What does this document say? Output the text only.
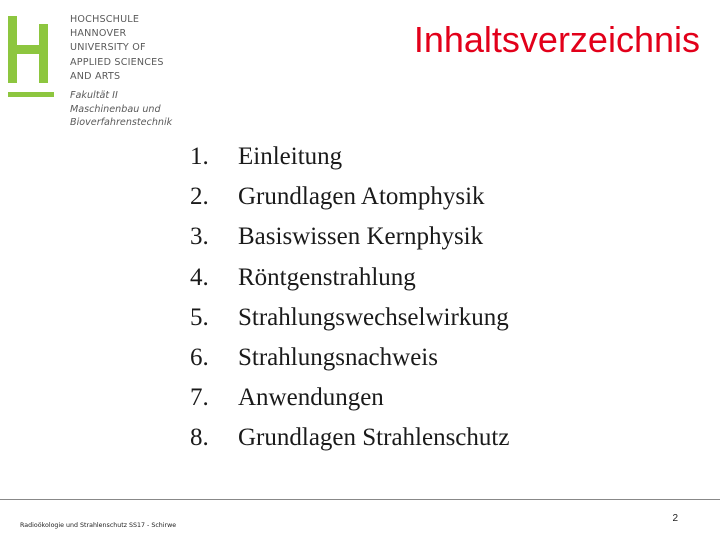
HOCHSCHULE
HANNOVER
UNIVERSITY OF
APPLIED SCIENCES
AND ARTS
Fakultät II
Maschinenbau und
Bioverfahrenstechnik
Inhaltsverzeichnis
1.	Einleitung
2.	Grundlagen Atomphysik
3.	Basiswissen Kernphysik
4.	Röntgenstrahlung
5.	Strahlungswechselwirkung
6.	Strahlungsnachweis
7.	Anwendungen
8.	Grundlagen Strahlenschutz
Radioökologie und Strahlenschutz SS17 - Schirwe
2
